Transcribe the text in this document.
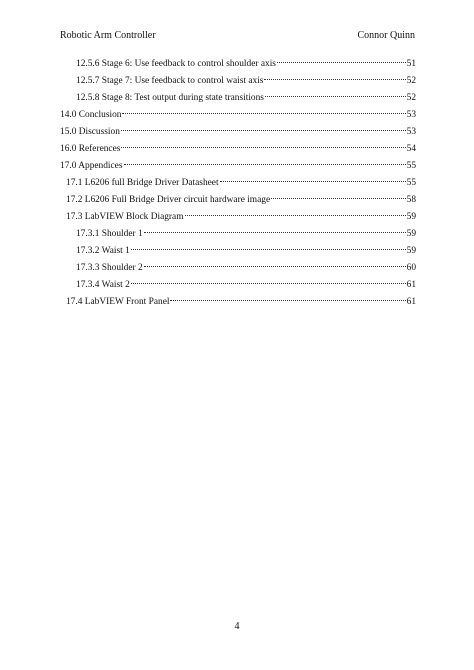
Robotic Arm Controller	Connor Quinn
12.5.6 Stage 6: Use feedback to control shoulder axis	51
12.5.7 Stage 7: Use feedback to control waist axis	52
12.5.8 Stage 8: Test output during state transitions	52
14.0 Conclusion	53
15.0 Discussion	53
16.0 References	54
17.0 Appendices	55
17.1 L6206 full Bridge Driver Datasheet	55
17.2 L6206 Full Bridge Driver circuit hardware image	58
17.3 LabVIEW Block Diagram	59
17.3.1 Shoulder 1	59
17.3.2 Waist 1	59
17.3.3 Shoulder 2	60
17.3.4 Waist 2	61
17.4 LabVIEW Front Panel	61
4
